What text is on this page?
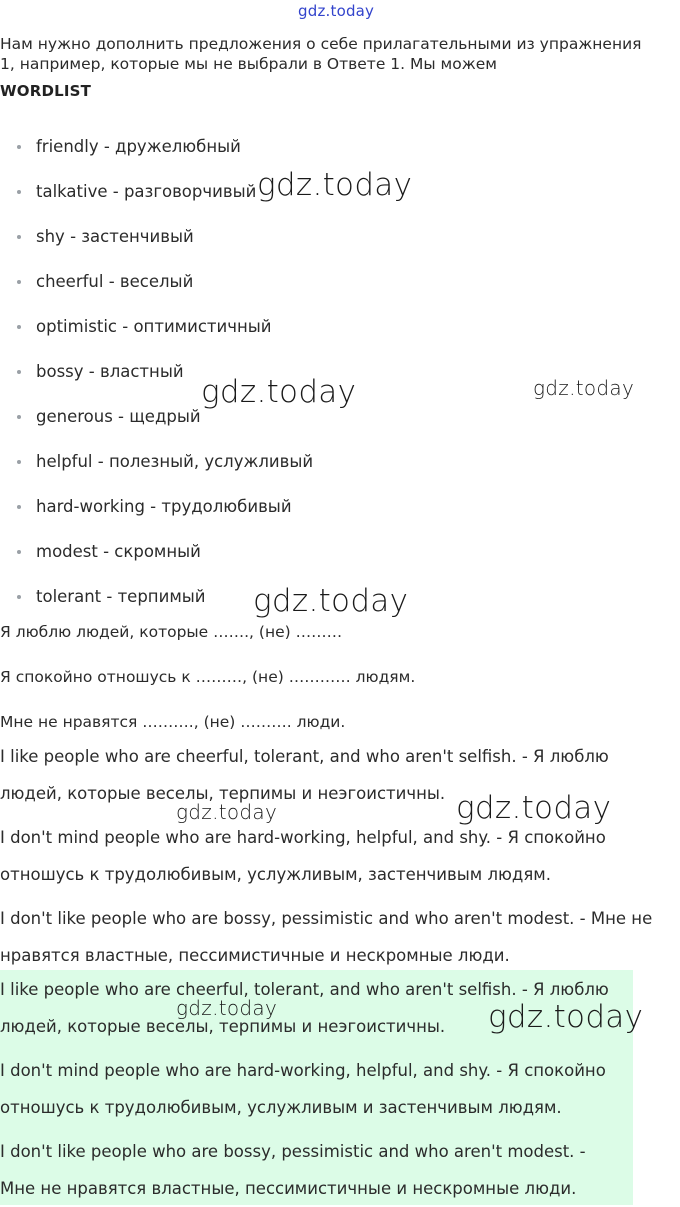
gdz.today
Нам нужно дополнить предложения о себе прилагательными из упражнения
1, например, которые мы не выбрали в Ответе 1. Мы можем
WORDLIST
friendly - дружелюбный
talkative - разговорчивый
shy - застенчивый
cheerful - веселый
optimistic - оптимистичный
bossy - властный
generous - щедрый
helpful - полезный, услужливый
hard-working - трудолюбивый
modest - скромный
tolerant - терпимый
Я люблю людей, которые ……., (не) ………
Я спокойно отношусь к ………, (не) ………… людям.
Мне не нравятся ………., (не) ………. люди.
I like people who are cheerful, tolerant, and who aren't selfish. - Я люблю людей, которые веселы, терпимы и неэгоистичны.
I don't mind people who are hard-working, helpful, and shy. - Я спокойно отношусь к трудолюбивым, услужливым, застенчивым людям.
I don't like people who are bossy, pessimistic and who aren't modest. - Мне не нравятся властные, пессимистичные и нескромные люди.
I like people who are cheerful, tolerant, and who aren't selfish. - Я люблю людей, которые веселы, терпимы и неэгоистичны.
I don't mind people who are hard-working, helpful, and shy. - Я спокойно отношусь к трудолюбивым, услужливым и застенчивым людям.
I don't like people who are bossy, pessimistic and who aren't modest. - Мне не нравятся властные, пессимистичные и нескромные люди.
gdz.today
gdz.today	gdz.today
gdz.today
gdz.today	gdz.today
gdz.today	gdz.today
